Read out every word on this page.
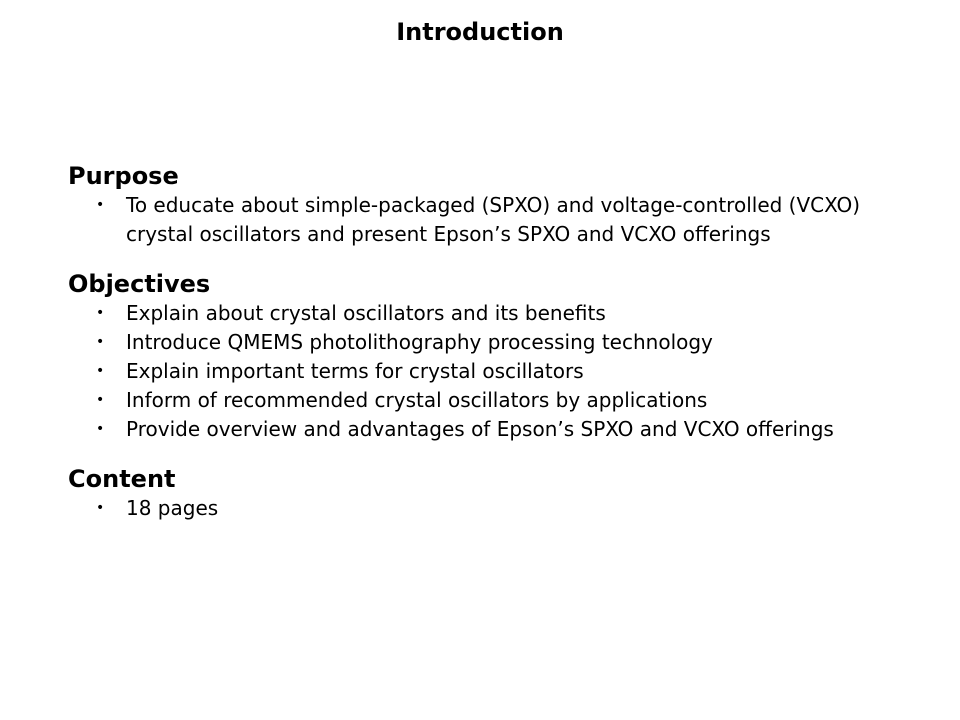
Introduction
Purpose
• To educate about simple-packaged (SPXO) and voltage-controlled (VCXO) crystal oscillators and present Epson’s SPXO and VCXO offerings
Objectives
• Explain about crystal oscillators and its benefits
• Introduce QMEMS photolithography processing technology
• Explain important terms for crystal oscillators
• Inform of recommended crystal oscillators by applications
• Provide overview and advantages of Epson’s SPXO and VCXO offerings
Content
• 18 pages
